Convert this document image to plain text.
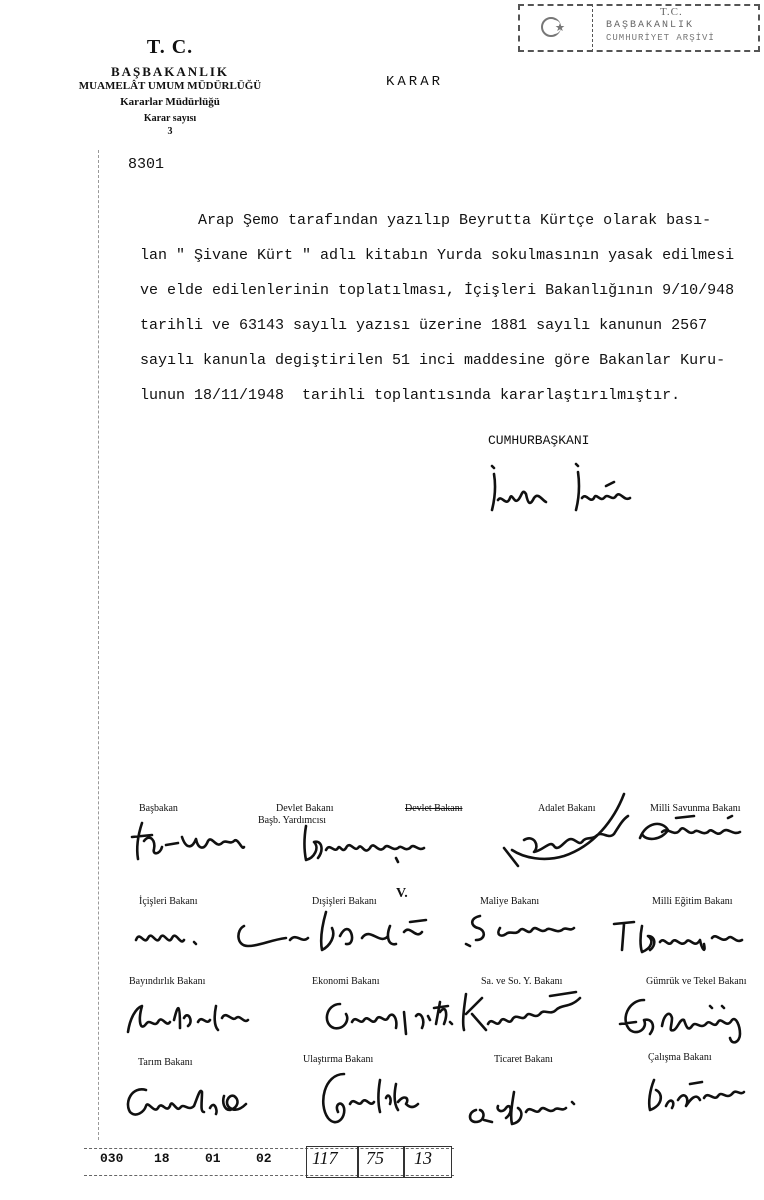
T. C.
BAŞBAKANLIK
MUAMELÂT UMUM MÜDÜRLÜĞÜ
Kararlar Müdürlüğü
Karar sayısı
3
KARAR
8301
T.C.
BAŞBAKANLIK
CUMHURİYET ARŞİVİ
Arap Şemo tarafından yazılıp Beyrutta Kürtçe olarak bası-
lan " Şivane Kürt " adlı kitabın Yurda sokulmasının yasak edilmesi
ve elde edilenlerinin toplatılması, İçişleri Bakanlığının 9/10/948
tarihli ve 63143 sayılı yazısı üzerine 1881 sayılı kanunun 2567
sayılı kanunla degiştirilen 51 inci maddesine göre Bakanlar Kuru-
lunun 18/11/1948  tarihli toplantısında kararlaştırılmıştır.
CUMHURBAŞKANI
Başbakan	Devlet Bakanı
Başb. Yardımcısı
Devlet Bakanı	Adalet Bakanı	Milli Savunma Bakanı
İçişleri Bakanı	Dışişleri Bakanı
V.
Maliye Bakanı	Milli Eğitim Bakanı
Bayındırlık Bakanı	Ekonomi Bakanı	Sa. ve So. Y. Bakanı	Gümrük ve Tekel Bakanı
Tarım Bakanı	Ulaştırma Bakanı	Ticaret Bakanı	Çalışma Bakanı
030 18	01	02 117 75 13
